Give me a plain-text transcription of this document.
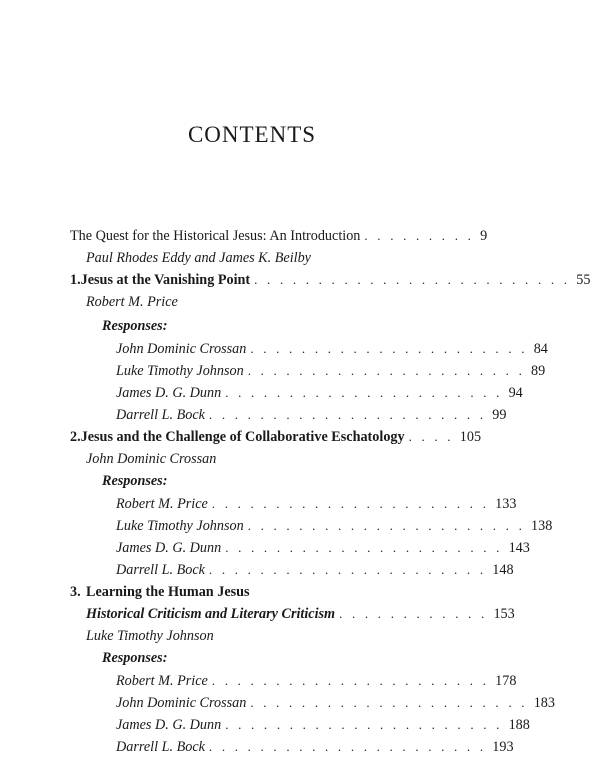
CONTENTS
The Quest for the Historical Jesus: An Introduction . . . . . . . . . 9
Paul Rhodes Eddy and James K. Beilby
1. Jesus at the Vanishing Point . . . . . . . . . . . . . . . . . . . . . . . . . 55
Robert M. Price
Responses:
John Dominic Crossan . . . . . . . . . . . . . . . . . . . . . . 84
Luke Timothy Johnson . . . . . . . . . . . . . . . . . . . . . . 89
James D. G. Dunn . . . . . . . . . . . . . . . . . . . . . . 94
Darrell L. Bock . . . . . . . . . . . . . . . . . . . . . . 99
2. Jesus and the Challenge of Collaborative Eschatology . . . . 105
John Dominic Crossan
Responses:
Robert M. Price . . . . . . . . . . . . . . . . . . . . . . 133
Luke Timothy Johnson . . . . . . . . . . . . . . . . . . . . . . 138
James D. G. Dunn . . . . . . . . . . . . . . . . . . . . . . 143
Darrell L. Bock . . . . . . . . . . . . . . . . . . . . . . 148
3. Learning the Human Jesus
Historical Criticism and Literary Criticism . . . . . . . . . . . . 153
Luke Timothy Johnson
Responses:
Robert M. Price . . . . . . . . . . . . . . . . . . . . . . 178
John Dominic Crossan . . . . . . . . . . . . . . . . . . . . . . 183
James D. G. Dunn . . . . . . . . . . . . . . . . . . . . . . 188
Darrell L. Bock . . . . . . . . . . . . . . . . . . . . . . 193
